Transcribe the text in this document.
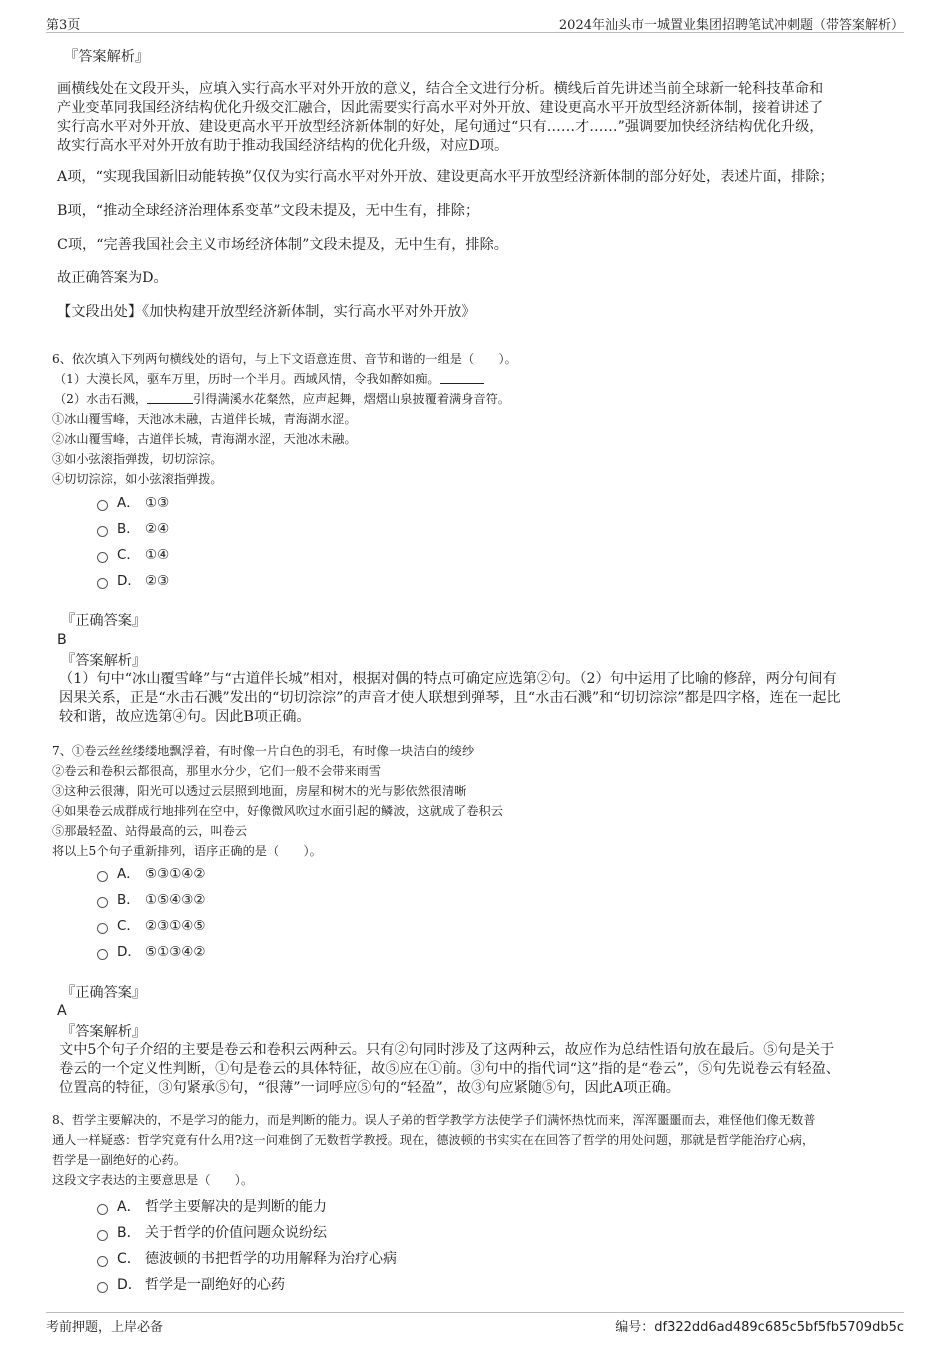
第3页	2024年汕头市一城置业集团招聘笔试冲刺题（带答案解析）
『答案解析』
画横线处在文段开头，应填入实行高水平对外开放的意义，结合全文进行分析。横线后首先讲述当前全球新一轮科技革命和
产业变革同我国经济结构优化升级交汇融合，因此需要实行高水平对外开放、建设更高水平开放型经济新体制，接着讲述了
实行高水平对外开放、建设更高水平开放型经济新体制的好处，尾句通过“只有……才……”强调要加快经济结构优化升级，
故实行高水平对外开放有助于推动我国经济结构的优化升级，对应D项。
A项，“实现我国新旧动能转换”仅仅为实行高水平对外开放、建设更高水平开放型经济新体制的部分好处，表述片面，排除；
B项，“推动全球经济治理体系变革”文段未提及，无中生有，排除；
C项，“完善我国社会主义市场经济体制”文段未提及，无中生有，排除。
故正确答案为D。
【文段出处】《加快构建开放型经济新体制，实行高水平对外开放》
6、依次填入下列两句横线处的语句，与上下文语意连贯、音节和谐的一组是（　　）。
（1）大漠长风，驱车万里，历时一个半月。西域风情，令我如醉如痴。
（2）水击石溅，	引得满溪水花粲然，应声起舞，熠熠山泉披覆着满身音符。
①冰山覆雪峰，天池冰未融，古道伴长城，青海湖水涩。
②冰山覆雪峰，古道伴长城，青海湖水涩，天池冰未融。
③如小弦滚指弹拨，切切淙淙。
④切切淙淙，如小弦滚指弹拨。
A． ①③
B． ②④
C． ①④
D． ②③
『正确答案』
B
『答案解析』
（1）句中“冰山覆雪峰”与“古道伴长城”相对，根据对偶的特点可确定应选第②句。（2）句中运用了比喻的修辞，两分句间有
因果关系，正是“水击石溅”发出的“切切淙淙”的声音才使人联想到弹琴，且“水击石溅”和“切切淙淙”都是四字格，连在一起比
较和谐，故应选第④句。因此B项正确。
7、①卷云丝丝缕缕地飘浮着，有时像一片白色的羽毛，有时像一块洁白的绫纱
②卷云和卷积云都很高，那里水分少，它们一般不会带来雨雪
③这种云很薄，阳光可以透过云层照到地面，房屋和树木的光与影依然很清晰
④如果卷云成群成行地排列在空中，好像微风吹过水面引起的鳞波，这就成了卷积云
⑤那最轻盈、站得最高的云，叫卷云
将以上5个句子重新排列，语序正确的是（　　）。
A． ⑤③①④②
B． ①⑤④③②
C． ②③①④⑤
D． ⑤①③④②
『正确答案』
A
『答案解析』
文中5个句子介绍的主要是卷云和卷积云两种云。只有②句同时涉及了这两种云，故应作为总结性语句放在最后。⑤句是关于
卷云的一个定义性判断，①句是卷云的具体特征，故⑤应在①前。③句中的指代词“这”指的是“卷云”，⑤句先说卷云有轻盈、
位置高的特征，③句紧承⑤句，“很薄”一词呼应⑤句的“轻盈”，故③句应紧随⑤句，因此A项正确。
8、哲学主要解决的，不是学习的能力，而是判断的能力。误人子弟的哲学教学方法使学子们满怀热忱而来，浑浑噩噩而去，难怪他们像无数普
通人一样疑惑：哲学究竟有什么用?这一问难倒了无数哲学教授。现在，德波顿的书实实在在回答了哲学的用处问题，那就是哲学能治疗心病，
哲学是一副绝好的心药。
这段文字表达的主要意思是（　　）。
A． 哲学主要解决的是判断的能力
B． 关于哲学的价值问题众说纷纭
C． 德波顿的书把哲学的功用解释为治疗心病
D． 哲学是一副绝好的心药
考前押题，上岸必备	编号：df322dd6ad489c685c5bf5fb5709db5c
